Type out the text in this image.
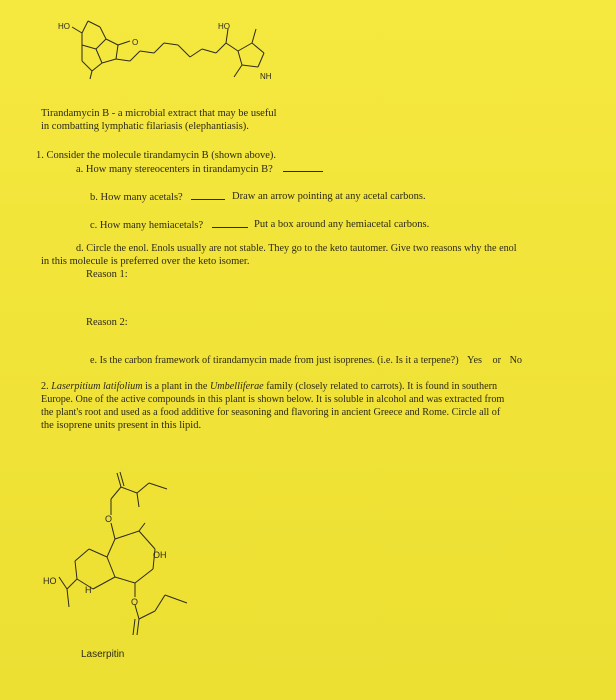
HO	HO
O
NH
Tirandamycin B - a microbial extract that may be useful
in combatting lymphatic filariasis (elephantiasis).
1. Consider the molecule tirandamycin B (shown above).
a. How many stereocenters in tirandamycin B?
b. How many acetals?	Draw an arrow pointing at any acetal carbons.
c. How many hemiacetals?	Put a box around any hemiacetal carbons.
d. Circle the enol. Enols usually are not stable. They go to the keto tautomer. Give two reasons why the enol
in this molecule is preferred over the keto isomer.
Reason 1:
Reason 2:
e. Is the carbon framework of tirandamycin made from just isoprenes. (i.e. Is it a terpene?) Yes or No
2. Laserpitium latifolium is a plant in the Umbelliferae family (closely related to carrots). It is found in southern
Europe. One of the active compounds in this plant is shown below. It is soluble in alcohol and was extracted from
the plant's root and used as a food additive for seasoning and flavoring in ancient Greece and Rome. Circle all of
the isoprene units present in this lipid.
O
OH
HO
H
O
Laserpitin
